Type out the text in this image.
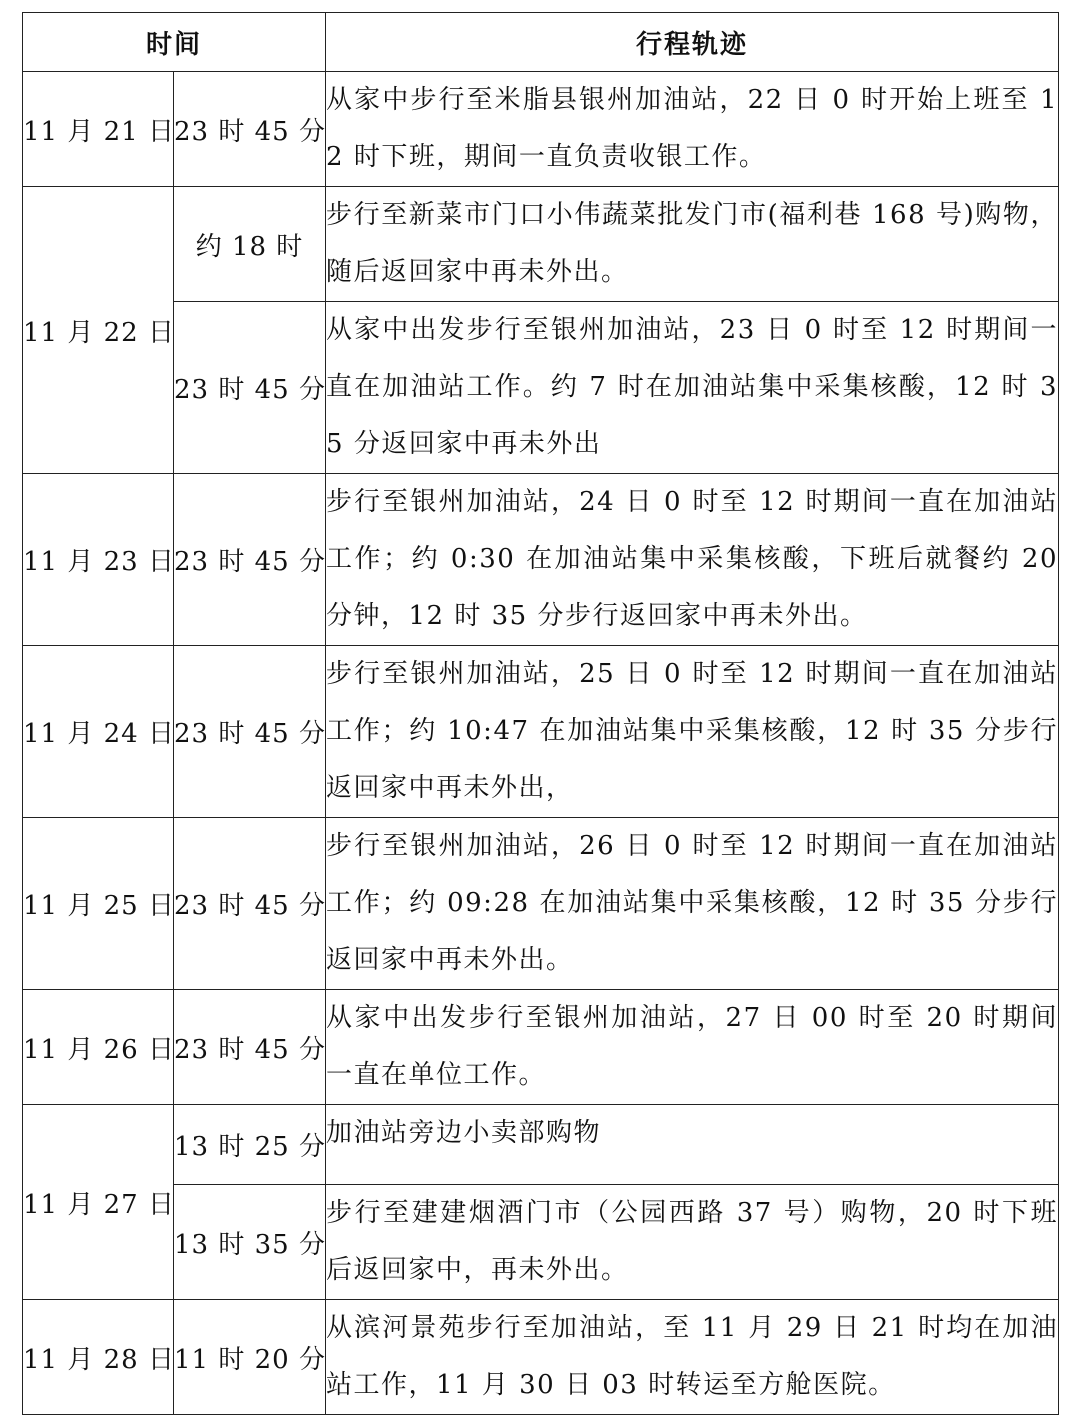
时间		行程轨迹
11 月 21 日	23 时 45 分	从家中步行至米脂县银州加油站，22 日 0 时开始上班至 12 时下班，期间一直负责收银工作。
11 月 22 日	约 18 时	步行至新菜市门口小伟蔬菜批发门市(福利巷 168 号)购物，随后返回家中再未外出。
	23 时 45 分	从家中出发步行至银州加油站，23 日 0 时至 12 时期间一直在加油站工作。约 7 时在加油站集中采集核酸，12 时 35 分返回家中再未外出
11 月 23 日	23 时 45 分	步行至银州加油站，24 日 0 时至 12 时期间一直在加油站工作；约 0:30 在加油站集中采集核酸，下班后就餐约 20 分钟，12 时 35 分步行返回家中再未外出。
11 月 24 日	23 时 45 分	步行至银州加油站，25 日 0 时至 12 时期间一直在加油站工作；约 10:47 在加油站集中采集核酸，12 时 35 分步行返回家中再未外出，
11 月 25 日	23 时 45 分	步行至银州加油站，26 日 0 时至 12 时期间一直在加油站工作；约 09:28 在加油站集中采集核酸，12 时 35 分步行返回家中再未外出。
11 月 26 日	23 时 45 分	从家中出发步行至银州加油站，27 日 00 时至 20 时期间一直在单位工作。
11 月 27 日	13 时 25 分	加油站旁边小卖部购物
	13 时 35 分	步行至建建烟酒门市（公园西路 37 号）购物，20 时下班后返回家中，再未外出。
11 月 28 日	11 时 20 分	从滨河景苑步行至加油站，至 11 月 29 日 21 时均在加油站工作，11 月 30 日 03 时转运至方舱医院。
